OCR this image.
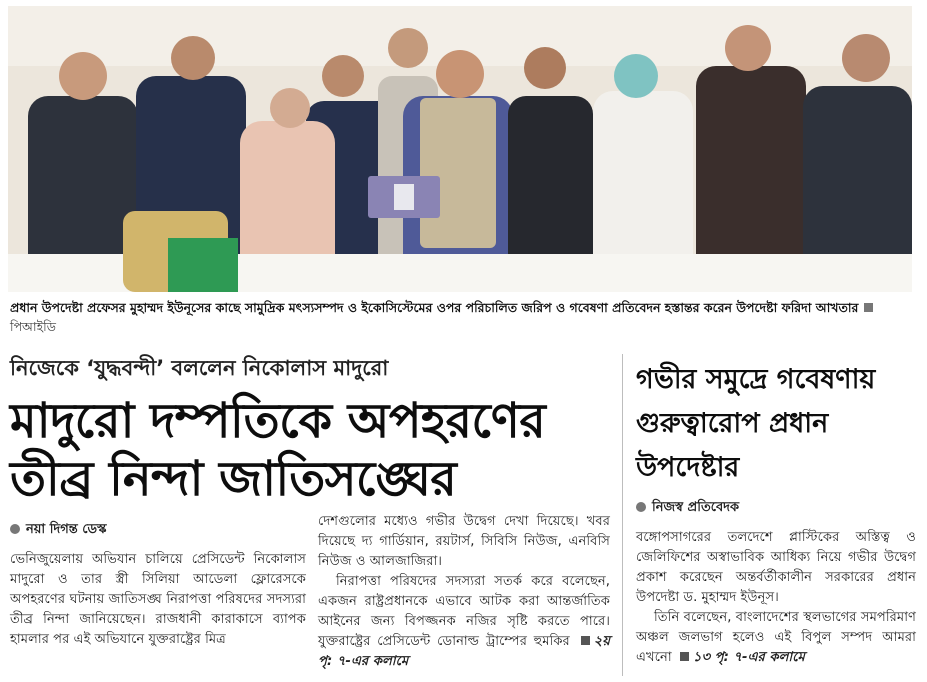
প্রধান উপদেষ্টা প্রফেসর মুহাম্মদ ইউনূসের কাছে সামুদ্রিক মৎস্যসম্পদ ও ইকোসিস্টেমের ওপর পরিচালিত জরিপ ও গবেষণা প্রতিবেদন হস্তান্তর করেন উপদেষ্টা ফরিদা আখতারপিআইডি
নিজেকে ‘যুদ্ধবন্দী’ বললেন নিকোলাস মাদুরো
মাদুরো দম্পতিকে অপহরণের
তীব্র নিন্দা জাতিসঙ্ঘের
নয়া দিগন্ত ডেস্ক

ভেনিজুয়েলায় অভিযান চালিয়ে প্রেসিডেন্ট নিকোলাস মাদুরো ও তার স্ত্রী সিলিয়া আডেলা ফ্লোরেসকে অপহরণের ঘটনায় জাতিসঙ্ঘ নিরাপত্তা পরিষদের সদস্যরা তীব্র নিন্দা জানিয়েছেন। রাজধানী কারাকাসে ব্যাপক হামলার পর এই অভিযানে যুক্তরাষ্ট্রের মিত্র

দেশগুলোর মধ্যেও গভীর উদ্বেগ দেখা দিয়েছে। খবর দিয়েছে দ্য গার্ডিয়ান, রয়টার্স, সিবিসি নিউজ, এনবিসি নিউজ ও আলজাজিরা।

নিরাপত্তা পরিষদের সদস্যরা সতর্ক করে বলেছেন, একজন রাষ্ট্রপ্রধানকে এভাবে আটক করা আন্তর্জাতিক আইনের জন্য বিপজ্জনক নজির সৃষ্টি করতে পারে। যুক্তরাষ্ট্রের প্রেসিডেন্ট ডোনাল্ড ট্রাম্পের হুমকির ২য় পৃ: ৭-এর কলামে

গভীর সমুদ্রে গবেষণায়
গুরুত্বারোপ প্রধান
উপদেষ্টার
নিজস্ব প্রতিবেদক

বঙ্গোপসাগরের তলদেশে প্লাস্টিকের অস্তিত্ব ও জেলিফিশের অস্বাভাবিক আধিক্য নিয়ে গভীর উদ্বেগ প্রকাশ করেছেন অন্তর্বর্তীকালীন সরকারের প্রধান উপদেষ্টা ড. মুহাম্মদ ইউনূস।

তিনি বলেছেন, বাংলাদেশের স্থলভাগের সমপরিমাণ অঞ্চল জলভাগ হলেও এই বিপুল সম্পদ আমরা এখনো ১৩ পৃ: ৭-এর কলামে
